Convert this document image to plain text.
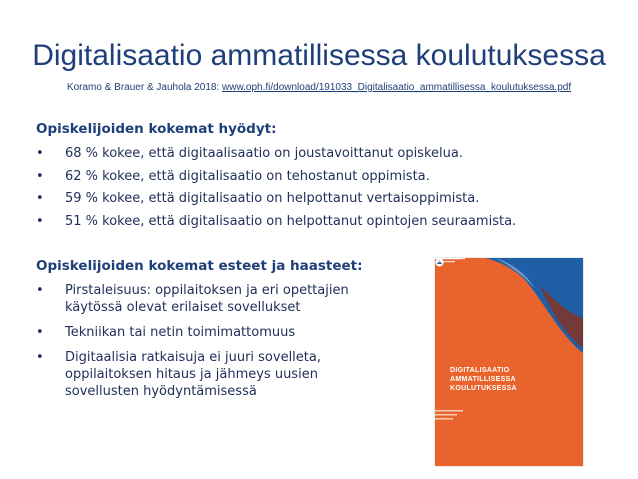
Digitalisaatio ammatillisessa koulutuksessa
Koramo & Brauer & Jauhola 2018: www.oph.fi/download/191033_Digitalisaatio_ammatillisessa_koulutuksessa.pdf
Opiskelijoiden kokemat hyödyt:
• 68 % kokee, että digitaalisaatio on joustavoittanut opiskelua.
• 62 % kokee, että digitalisaatio on tehostanut oppimista.
• 59 % kokee, että digitalisaatio on helpottanut vertaisoppimista.
• 51 % kokee, että digitalisaatio on helpottanut opintojen seuraamista.
Opiskelijoiden kokemat esteet ja haasteet:
• Pirstaleisuus: oppilaitoksen ja eri opettajien käytössä olevat erilaiset sovellukset
• Tekniikan tai netin toimimattomuus
• Digitaalisia ratkaisuja ei juuri sovelleta, oppilaitoksen hitaus ja jähmeys uusien sovellusten hyödyntämisessä
DIGITALISAATIO
AMMATILLISESSA
KOULUTUKSESSA
